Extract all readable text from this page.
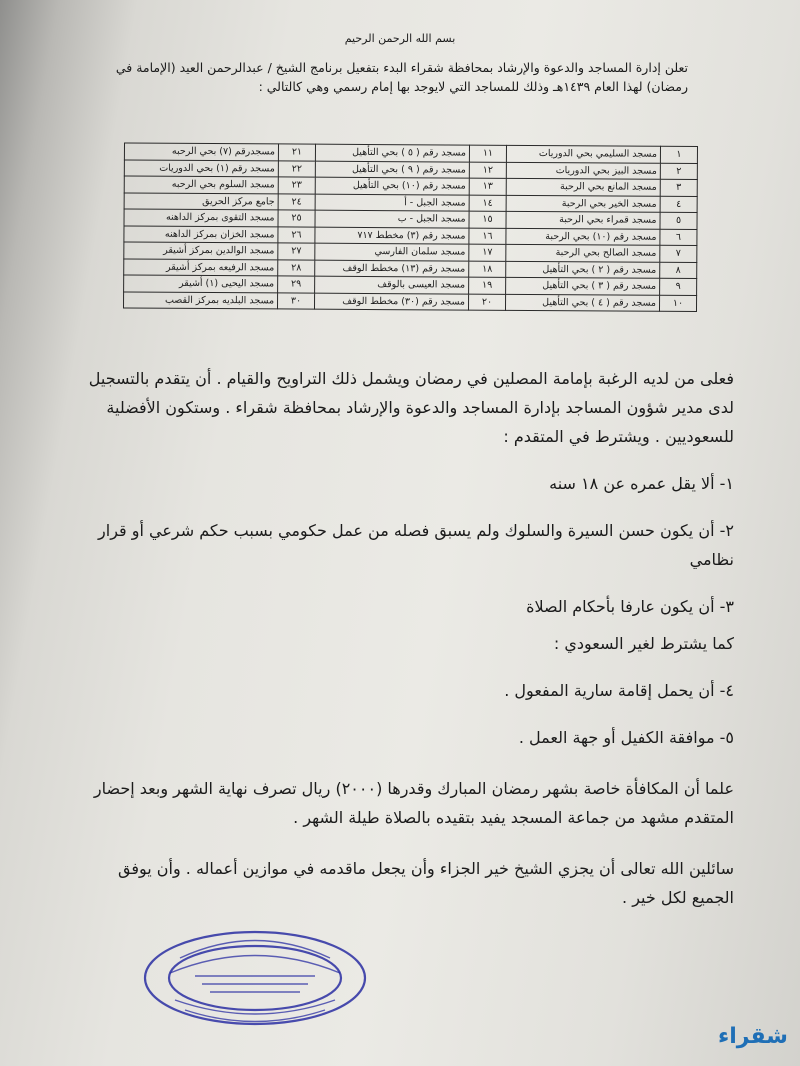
بسم الله الرحمن الرحيم
تعلن إدارة المساجد والدعوة والإرشاد بمحافظة شقراء البدء بتفعيل برنامج الشيخ / عبدالرحمن العيد (الإمامة في رمضان) لهذا العام ١٤٣٩هـ وذلك للمساجد التي لايوجد بها إمام رسمي وهي كالتالي :
١	مسجد السليمي بحي الدوريات	١١	مسجد رقم ( ٥ ) بحي التأهيل	٢١	مسجدرقم (٧) بحي الرحبه
٢	مسجد البيز بحي الدوريات	١٢	مسجد رقم ( ٩ ) بحي التأهيل	٢٢	مسجد رقم (١) بحي الدوريات
٣	مسجد المانع بحي الرحبة	١٣	مسجد رقم (١٠) بحي التأهيل	٢٣	مسجد السلوم بحي الرحبه
٤	مسجد الخير بحي الرحبة	١٤	مسجد الجبل - أ	٢٤	جامع مركز الحريق
٥	مسجد قمراء بحي الرحبة	١٥	مسجد الجبل - ب	٢٥	مسجد التقوى بمركز الداهنه
٦	مسجد رقم (١٠) بحي الرحبة	١٦	مسجد رقم (٣) مخطط ٧١٧	٢٦	مسجد الخزان بمركز الداهنه
٧	مسجد الصالح بحي الرحبة	١٧	مسجد سلمان الفارسي	٢٧	مسجد الوالدين بمركز أشيقر
٨	مسجد رقم ( ٢ ) بحي التأهيل	١٨	مسجد رقم (١٣) مخطط الوقف	٢٨	مسجد الرفيعه بمركز أشيقر
٩	مسجد رقم ( ٣ ) بحي التأهيل	١٩	مسجد العيسى بالوقف	٢٩	مسجد اليحيى (١) أشيقر
١٠	مسجد رقم ( ٤ ) بحي التأهيل	٢٠	مسجد رقم (٣٠) مخطط الوقف	٣٠	مسجد البلديه بمركز القصب

فعلى من لديه الرغبة بإمامة المصلين في رمضان ويشمل ذلك التراويح والقيام . أن يتقدم بالتسجيل لدى مدير شؤون المساجد بإدارة المساجد والدعوة والإرشاد بمحافظة شقراء . وستكون الأفضلية للسعوديين . ويشترط في المتقدم :

١- ألا يقل عمره عن ١٨ سنه

٢- أن يكون حسن السيرة والسلوك ولم يسبق فصله من عمل حكومي بسبب حكم شرعي أو قرار نظامي

٣- أن يكون عارفا بأحكام الصلاة

كما يشترط لغير السعودي :

٤- أن يحمل إقامة سارية المفعول .

٥- موافقة الكفيل أو جهة العمل .

علما أن المكافأة خاصة بشهر رمضان المبارك وقدرها (٢٠٠٠) ريال تصرف نهاية الشهر وبعد إحضار المتقدم مشهد من جماعة المسجد يفيد بتقيده بالصلاة طيلة الشهر .

سائلين الله تعالى أن يجزي الشيخ خير الجزاء وأن يجعل ماقدمه في موازين أعماله . وأن يوفق الجميع لكل خير .

شقراء
